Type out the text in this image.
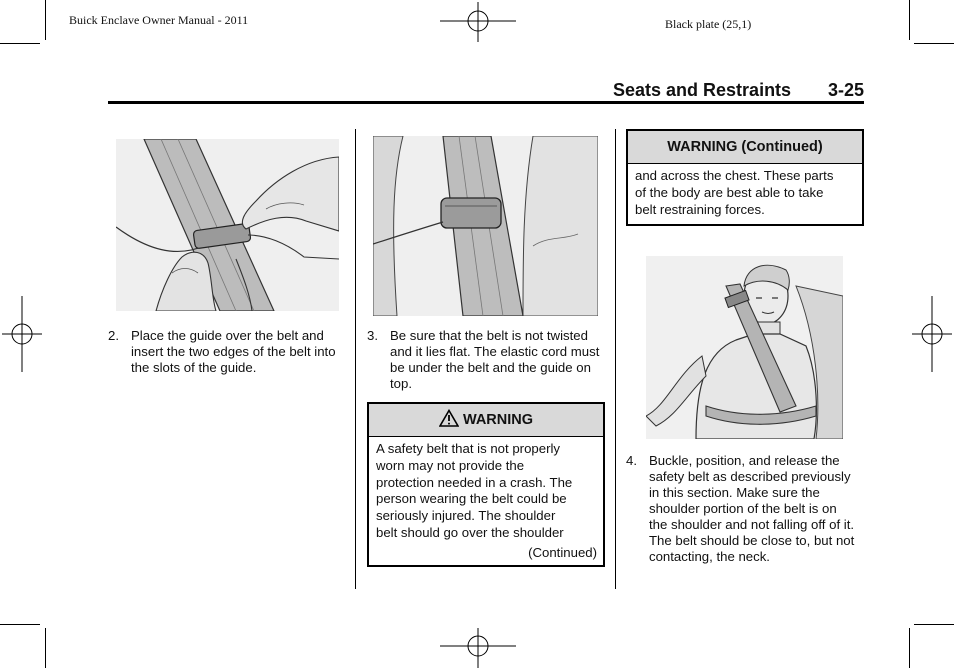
Buick Enclave Owner Manual - 2011	Black plate (25,1)
Seats and Restraints 3-25
2. Place the guide over the belt and insert the two edges of the belt into the slots of the guide.
3. Be sure that the belt is not twisted and it lies flat. The elastic cord must be under the belt and the guide on top.
WARNING
A safety belt that is not properly
worn may not provide the
protection needed in a crash. The
person wearing the belt could be
seriously injured. The shoulder
belt should go over the shoulder
(Continued)
WARNING (Continued)
and across the chest. These parts
of the body are best able to take
belt restraining forces.
4. Buckle, position, and release the safety belt as described previously in this section. Make sure the shoulder portion of the belt is on the shoulder and not falling off of it. The belt should be close to, but not contacting, the neck.
